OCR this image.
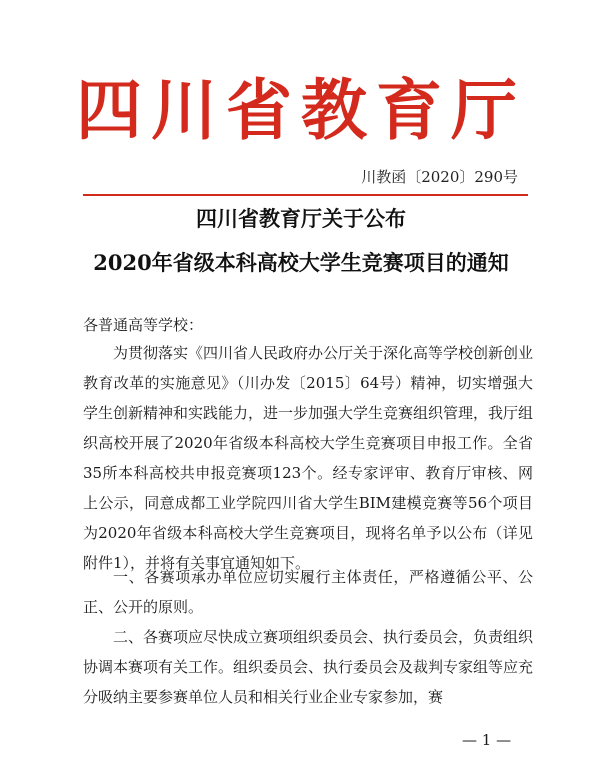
四川省教育厅
川教函〔2020〕290号
四川省教育厅关于公布
2020年省级本科高校大学生竞赛项目的通知
各普通高等学校：

为贯彻落实《四川省人民政府办公厅关于深化高等学校创新创业教育改革的实施意见》（川办发〔2015〕64号）精神，切实增强大学生创新精神和实践能力，进一步加强大学生竞赛组织管理，我厅组织高校开展了2020年省级本科高校大学生竞赛项目申报工作。全省35所本科高校共申报竞赛项123个。经专家评审、教育厅审核、网上公示，同意成都工业学院四川省大学生BIM建模竞赛等56个项目为2020年省级本科高校大学生竞赛项目，现将名单予以公布（详见附件1），并将有关事宜通知如下。

一、各赛项承办单位应切实履行主体责任，严格遵循公平、公正、公开的原则。

二、各赛项应尽快成立赛项组织委员会、执行委员会，负责组织协调本赛项有关工作。组织委员会、执行委员会及裁判专家组等应充分吸纳主要参赛单位人员和相关行业企业专家参加，赛

— 1 —
